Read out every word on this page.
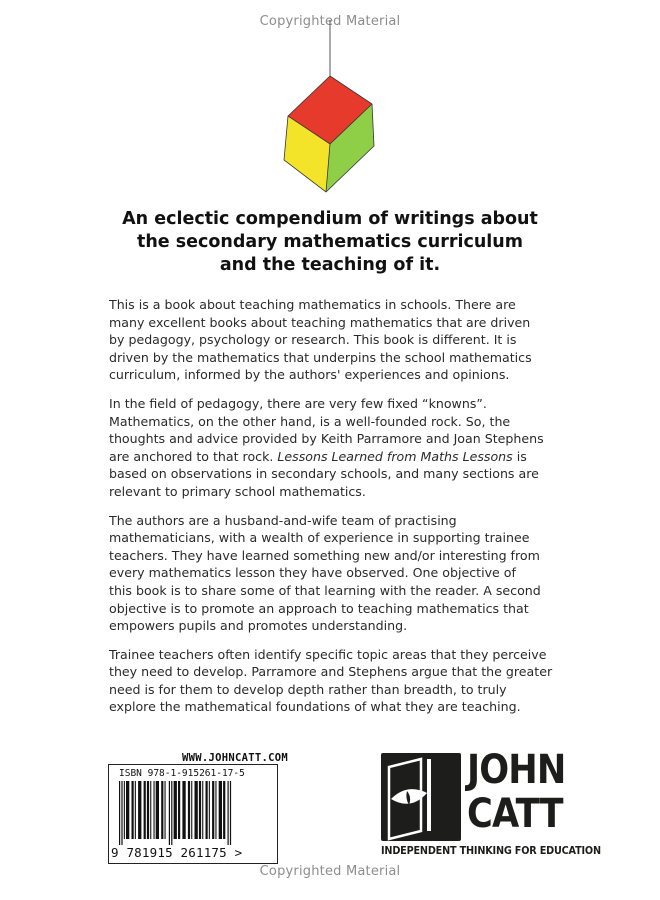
Copyrighted Material
An eclectic compendium of writings about
the secondary mathematics curriculum
and the teaching of it.

This is a book about teaching mathematics in schools. There are
many excellent books about teaching mathematics that are driven
by pedagogy, psychology or research. This book is different. It is
driven by the mathematics that underpins the school mathematics
curriculum, informed by the authors' experiences and opinions.

In the field of pedagogy, there are very few fixed “knowns”.
Mathematics, on the other hand, is a well-founded rock. So, the
thoughts and advice provided by Keith Parramore and Joan Stephens
are anchored to that rock. Lessons Learned from Maths Lessons is
based on observations in secondary schools, and many sections are
relevant to primary school mathematics.

The authors are a husband-and-wife team of practising
mathematicians, with a wealth of experience in supporting trainee
teachers. They have learned something new and/or interesting from
every mathematics lesson they have observed. One objective of
this book is to share some of that learning with the reader. A second
objective is to promote an approach to teaching mathematics that
empowers pupils and promotes understanding.

Trainee teachers often identify specific topic areas that they perceive
they need to develop. Parramore and Stephens argue that the greater
need is for them to develop depth rather than breadth, to truly
explore the mathematical foundations of what they are teaching.

WWW.JOHNCATT.COM
ISBN 978-1-915261-17-5
9 781915 261175 >
JOHN
CATT
INDEPENDENT THINKING FOR EDUCATION
Copyrighted Material
